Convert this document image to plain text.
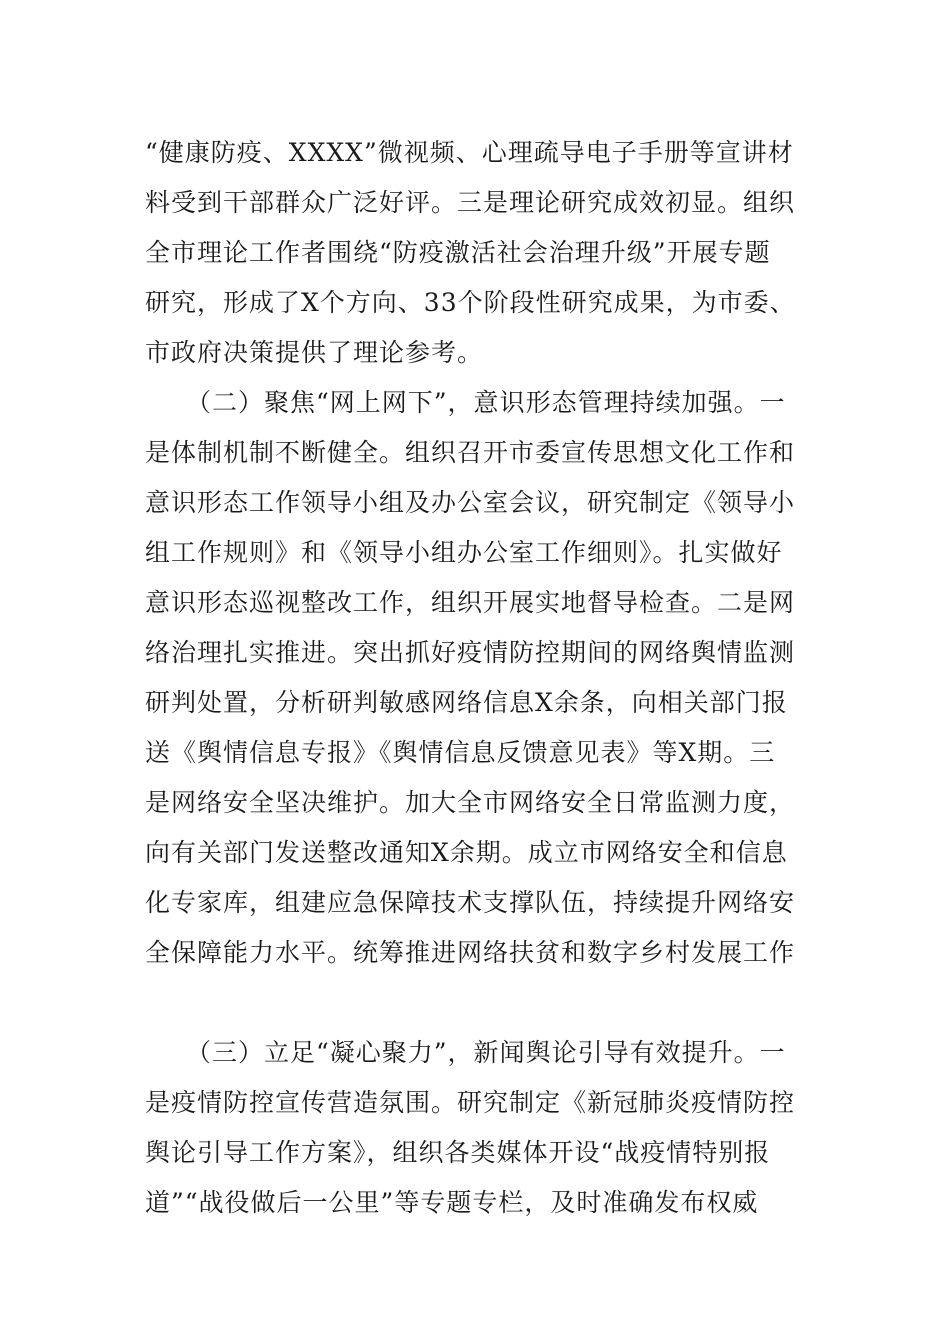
“健康防疫、XXXX”微视频、心理疏导电子手册等宣讲材
料受到干部群众广泛好评。三是理论研究成效初显。组织
全市理论工作者围绕“防疫激活社会治理升级”开展专题
研究，形成了X个方向、33个阶段性研究成果，为市委、
市政府决策提供了理论参考。
（二）聚焦“网上网下”，意识形态管理持续加强。一
是体制机制不断健全。组织召开市委宣传思想文化工作和
意识形态工作领导小组及办公室会议，研究制定《领导小
组工作规则》和《领导小组办公室工作细则》。扎实做好
意识形态巡视整改工作，组织开展实地督导检查。二是网
络治理扎实推进。突出抓好疫情防控期间的网络舆情监测
研判处置，分析研判敏感网络信息X余条，向相关部门报
送《舆情信息专报》《舆情信息反馈意见表》等X期。三
是网络安全坚决维护。加大全市网络安全日常监测力度，
向有关部门发送整改通知X余期。成立市网络安全和信息
化专家库，组建应急保障技术支撑队伍，持续提升网络安
全保障能力水平。统筹推进网络扶贫和数字乡村发展工作
（三）立足“凝心聚力”，新闻舆论引导有效提升。一
是疫情防控宣传营造氛围。研究制定《新冠肺炎疫情防控
舆论引导工作方案》，组织各类媒体开设“战疫情特别报
道”“战役做后一公里”等专题专栏，及时准确发布权威
